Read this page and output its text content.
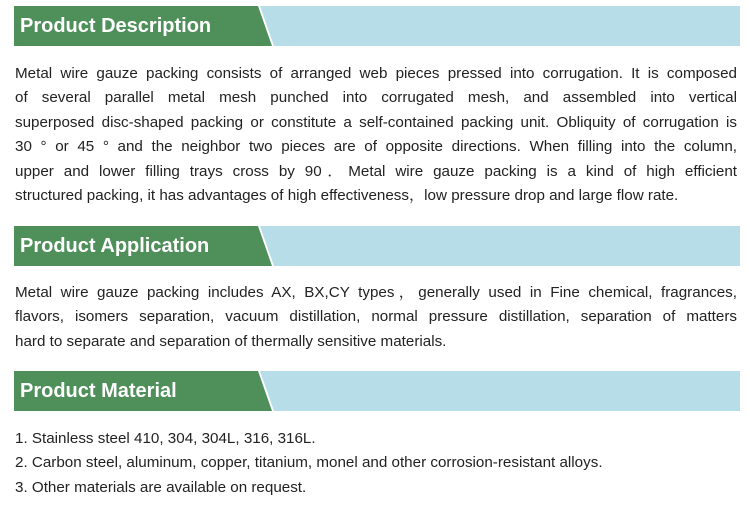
Product Description
Metal wire gauze packing consists of arranged web pieces pressed into corrugation. It is composed
of several parallel metal mesh punched into corrugated mesh, and assembled into vertical
superposed disc-shaped packing or constitute a self-contained packing unit. Obliquity of corrugation is
30 ° or 45 ° and the neighbor two pieces are of opposite directions. When filling into the column,
upper and lower filling trays cross by 90．Metal wire gauze packing is a kind of high efficient
structured packing, it has advantages of high effectiveness，low pressure drop and large flow rate.
Product Application
Metal wire gauze packing includes AX, BX,CY types，generally used in Fine chemical, fragrances,
flavors, isomers separation, vacuum distillation, normal pressure distillation, separation of matters
hard to separate and separation of thermally sensitive materials.
Product Material
1. Stainless steel 410, 304, 304L, 316, 316L.
2. Carbon steel, aluminum, copper, titanium, monel and other corrosion-resistant alloys.
3. Other materials are available on request.
